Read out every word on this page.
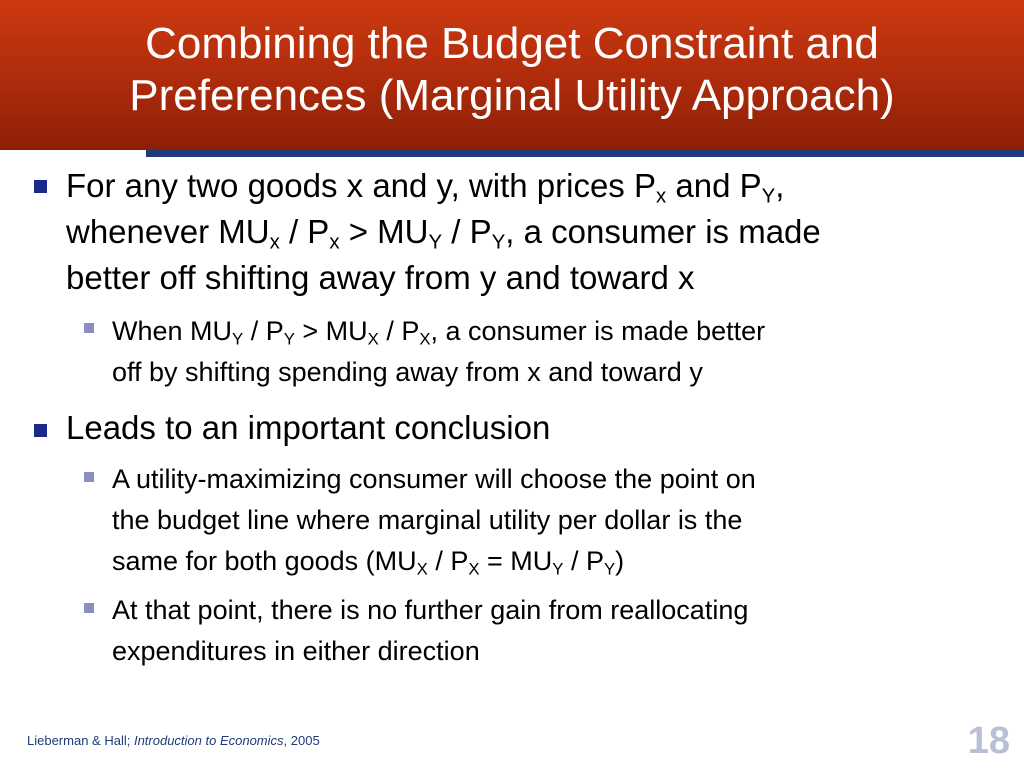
Combining the Budget Constraint and
Preferences (Marginal Utility Approach)
For any two goods x and y, with prices $P_x$ and $P_Y$,
whenever $MU_x / P_x > MU_Y / P_Y$, a consumer is made
better off shifting away from y and toward x
When $MU_Y / P_Y > MU_X / P_X$, a consumer is made better
off by shifting spending away from x and toward y
Leads to an important conclusion
A utility-maximizing consumer will choose the point on
the budget line where marginal utility per dollar is the
same for both goods $(MU_X / P_X = MU_Y / P_Y)$
At that point, there is no further gain from reallocating
expenditures in either direction
Lieberman & Hall; Introduction to Economics, 2005	18
